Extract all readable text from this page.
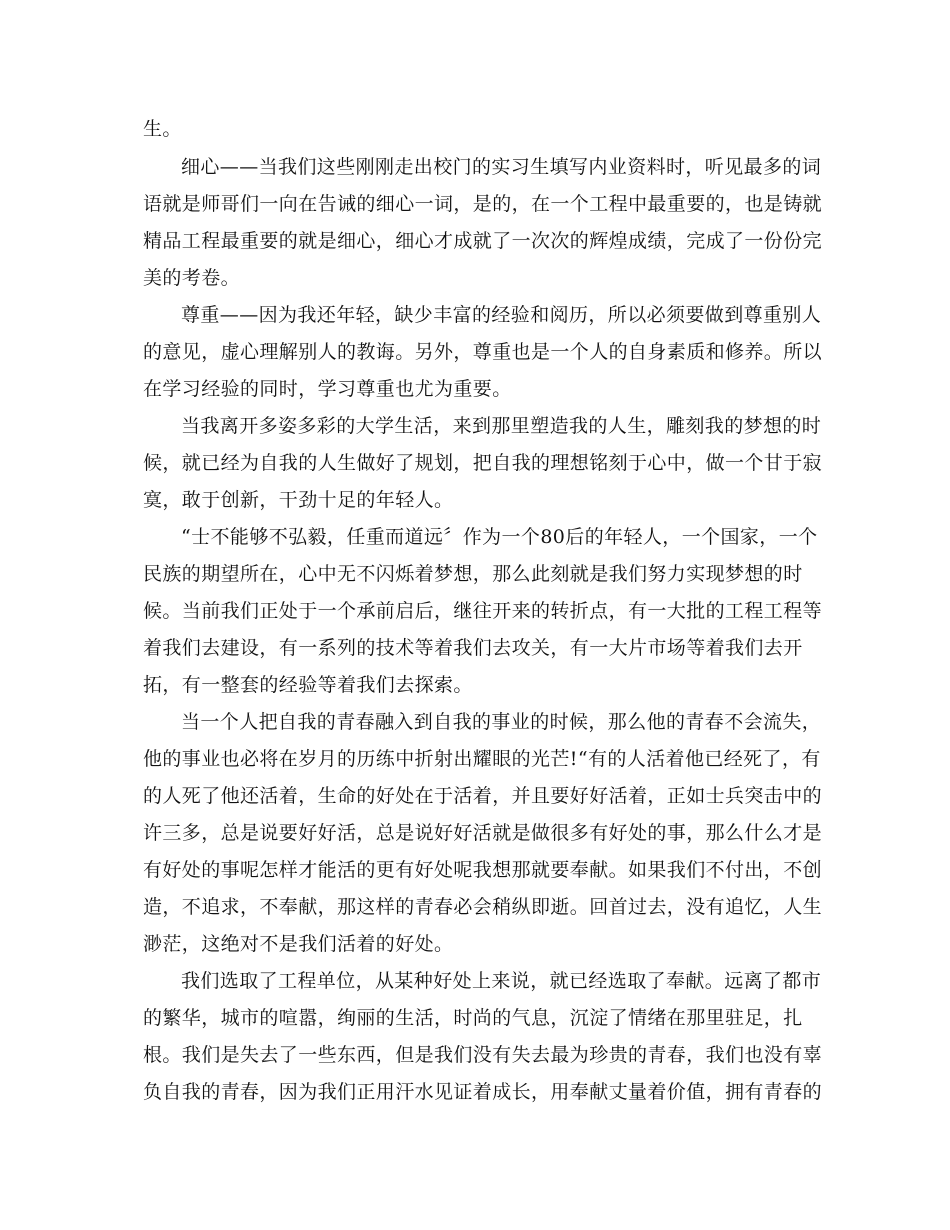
生。
细心——当我们这些刚刚走出校门的实习生填写内业资料时，听见最多的词
语就是师哥们一向在告诫的细心一词，是的，在一个工程中最重要的，也是铸就
精品工程最重要的就是细心，细心才成就了一次次的辉煌成绩，完成了一份份完
美的考卷。
尊重——因为我还年轻，缺少丰富的经验和阅历，所以必须要做到尊重别人
的意见，虚心理解别人的教诲。另外，尊重也是一个人的自身素质和修养。所以
在学习经验的同时，学习尊重也尤为重要。
当我离开多姿多彩的大学生活，来到那里塑造我的人生，雕刻我的梦想的时
候，就已经为自我的人生做好了规划，把自我的理想铭刻于心中，做一个甘于寂
寞，敢于创新，干劲十足的年轻人。
“士不能够不弘毅，任重而道远〞作为一个80后的年轻人，一个国家，一个
民族的期望所在，心中无不闪烁着梦想，那么此刻就是我们努力实现梦想的时
候。当前我们正处于一个承前启后，继往开来的转折点，有一大批的工程工程等
着我们去建设，有一系列的技术等着我们去攻关，有一大片市场等着我们去开
拓，有一整套的经验等着我们去探索。
当一个人把自我的青春融入到自我的事业的时候，那么他的青春不会流失，
他的事业也必将在岁月的历练中折射出耀眼的光芒!“有的人活着他已经死了，有
的人死了他还活着，生命的好处在于活着，并且要好好活着，正如士兵突击中的
许三多，总是说要好好活，总是说好好活就是做很多有好处的事，那么什么才是
有好处的事呢怎样才能活的更有好处呢我想那就要奉献。如果我们不付出，不创
造，不追求，不奉献，那这样的青春必会稍纵即逝。回首过去，没有追忆，人生
渺茫，这绝对不是我们活着的好处。
我们选取了工程单位，从某种好处上来说，就已经选取了奉献。远离了都市
的繁华，城市的喧嚣，绚丽的生活，时尚的气息，沉淀了情绪在那里驻足，扎
根。我们是失去了一些东西，但是我们没有失去最为珍贵的青春，我们也没有辜
负自我的青春，因为我们正用汗水见证着成长，用奉献丈量着价值，拥有青春的
